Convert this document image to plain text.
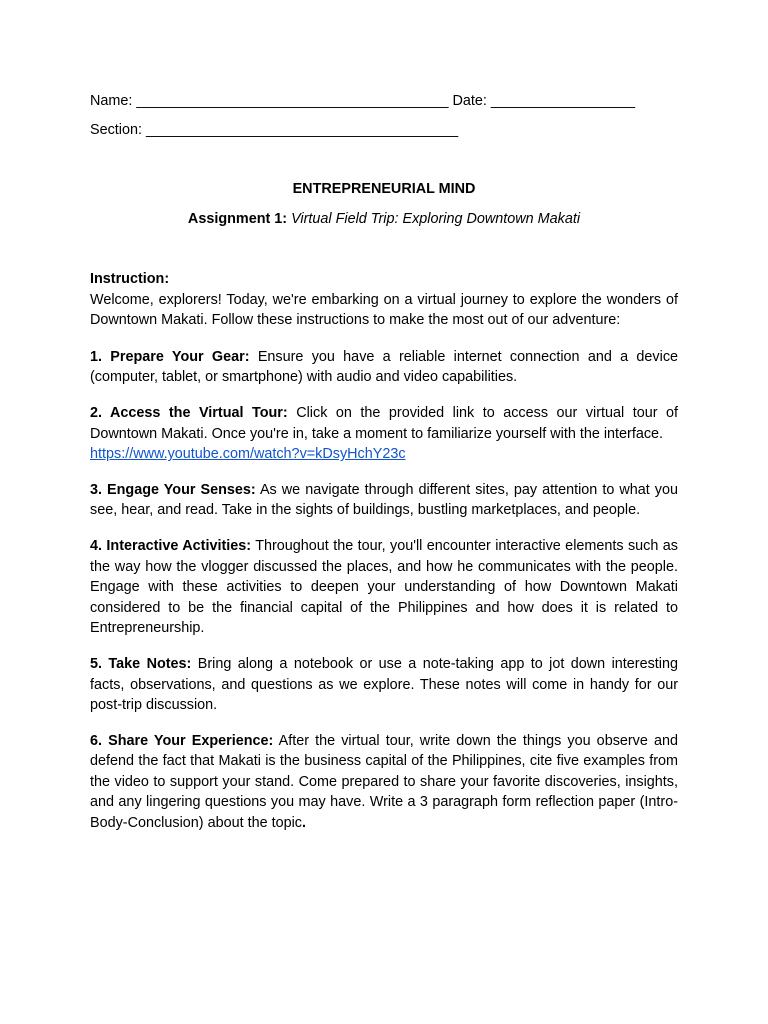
Name: _______________________________________ Date: __________________
Section: _______________________________________
ENTREPRENEURIAL MIND
Assignment 1: Virtual Field Trip: Exploring Downtown Makati

Instruction:
Welcome, explorers! Today, we're embarking on a virtual journey to explore the wonders of Downtown Makati. Follow these instructions to make the most out of our adventure:

1. Prepare Your Gear: Ensure you have a reliable internet connection and a device (computer, tablet, or smartphone) with audio and video capabilities.

2. Access the Virtual Tour: Click on the provided link to access our virtual tour of Downtown Makati. Once you're in, take a moment to familiarize yourself with the interface.
https://www.youtube.com/watch?v=kDsyHchY23c

3. Engage Your Senses: As we navigate through different sites, pay attention to what you see, hear, and read. Take in the sights of buildings, bustling marketplaces, and people.

4. Interactive Activities: Throughout the tour, you'll encounter interactive elements such as the way how the vlogger discussed the places, and how he communicates with the people. Engage with these activities to deepen your understanding of how Downtown Makati considered to be the financial capital of the Philippines and how does it is related to Entrepreneurship.

5. Take Notes: Bring along a notebook or use a note-taking app to jot down interesting facts, observations, and questions as we explore. These notes will come in handy for our post-trip discussion.

6. Share Your Experience: After the virtual tour, write down the things you observe and defend the fact that Makati is the business capital of the Philippines, cite five examples from the video to support your stand. Come prepared to share your favorite discoveries, insights, and any lingering questions you may have. Write a 3 paragraph form reflection paper (Intro-Body-Conclusion) about the topic.
